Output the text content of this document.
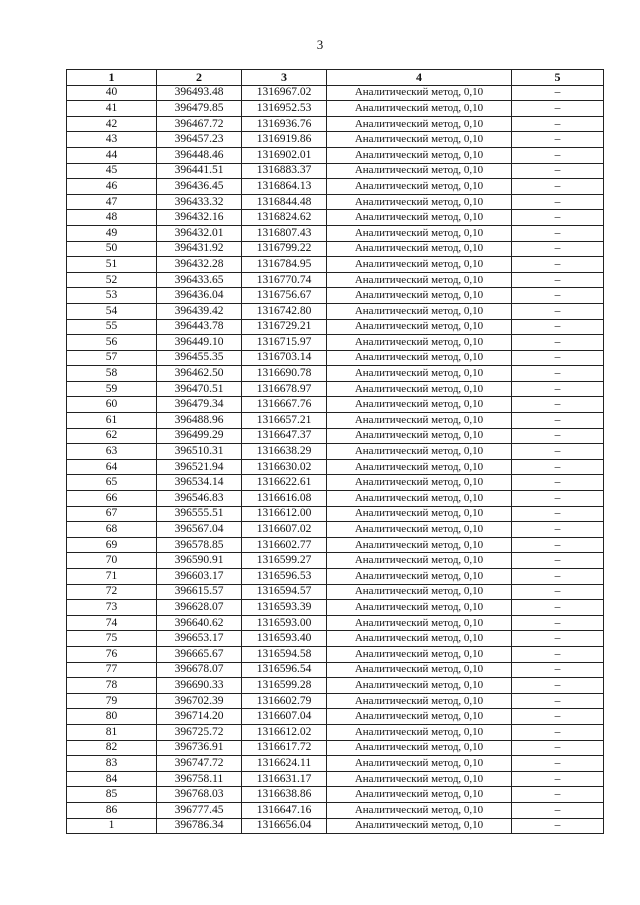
3
1	2	3	4	5
40	396493.48	1316967.02	Аналитический метод, 0,10	–
41	396479.85	1316952.53	Аналитический метод, 0,10	–
42	396467.72	1316936.76	Аналитический метод, 0,10	–
43	396457.23	1316919.86	Аналитический метод, 0,10	–
44	396448.46	1316902.01	Аналитический метод, 0,10	–
45	396441.51	1316883.37	Аналитический метод, 0,10	–
46	396436.45	1316864.13	Аналитический метод, 0,10	–
47	396433.32	1316844.48	Аналитический метод, 0,10	–
48	396432.16	1316824.62	Аналитический метод, 0,10	–
49	396432.01	1316807.43	Аналитический метод, 0,10	–
50	396431.92	1316799.22	Аналитический метод, 0,10	–
51	396432.28	1316784.95	Аналитический метод, 0,10	–
52	396433.65	1316770.74	Аналитический метод, 0,10	–
53	396436.04	1316756.67	Аналитический метод, 0,10	–
54	396439.42	1316742.80	Аналитический метод, 0,10	–
55	396443.78	1316729.21	Аналитический метод, 0,10	–
56	396449.10	1316715.97	Аналитический метод, 0,10	–
57	396455.35	1316703.14	Аналитический метод, 0,10	–
58	396462.50	1316690.78	Аналитический метод, 0,10	–
59	396470.51	1316678.97	Аналитический метод, 0,10	–
60	396479.34	1316667.76	Аналитический метод, 0,10	–
61	396488.96	1316657.21	Аналитический метод, 0,10	–
62	396499.29	1316647.37	Аналитический метод, 0,10	–
63	396510.31	1316638.29	Аналитический метод, 0,10	–
64	396521.94	1316630.02	Аналитический метод, 0,10	–
65	396534.14	1316622.61	Аналитический метод, 0,10	–
66	396546.83	1316616.08	Аналитический метод, 0,10	–
67	396555.51	1316612.00	Аналитический метод, 0,10	–
68	396567.04	1316607.02	Аналитический метод, 0,10	–
69	396578.85	1316602.77	Аналитический метод, 0,10	–
70	396590.91	1316599.27	Аналитический метод, 0,10	–
71	396603.17	1316596.53	Аналитический метод, 0,10	–
72	396615.57	1316594.57	Аналитический метод, 0,10	–
73	396628.07	1316593.39	Аналитический метод, 0,10	–
74	396640.62	1316593.00	Аналитический метод, 0,10	–
75	396653.17	1316593.40	Аналитический метод, 0,10	–
76	396665.67	1316594.58	Аналитический метод, 0,10	–
77	396678.07	1316596.54	Аналитический метод, 0,10	–
78	396690.33	1316599.28	Аналитический метод, 0,10	–
79	396702.39	1316602.79	Аналитический метод, 0,10	–
80	396714.20	1316607.04	Аналитический метод, 0,10	–
81	396725.72	1316612.02	Аналитический метод, 0,10	–
82	396736.91	1316617.72	Аналитический метод, 0,10	–
83	396747.72	1316624.11	Аналитический метод, 0,10	–
84	396758.11	1316631.17	Аналитический метод, 0,10	–
85	396768.03	1316638.86	Аналитический метод, 0,10	–
86	396777.45	1316647.16	Аналитический метод, 0,10	–
1	396786.34	1316656.04	Аналитический метод, 0,10	–
